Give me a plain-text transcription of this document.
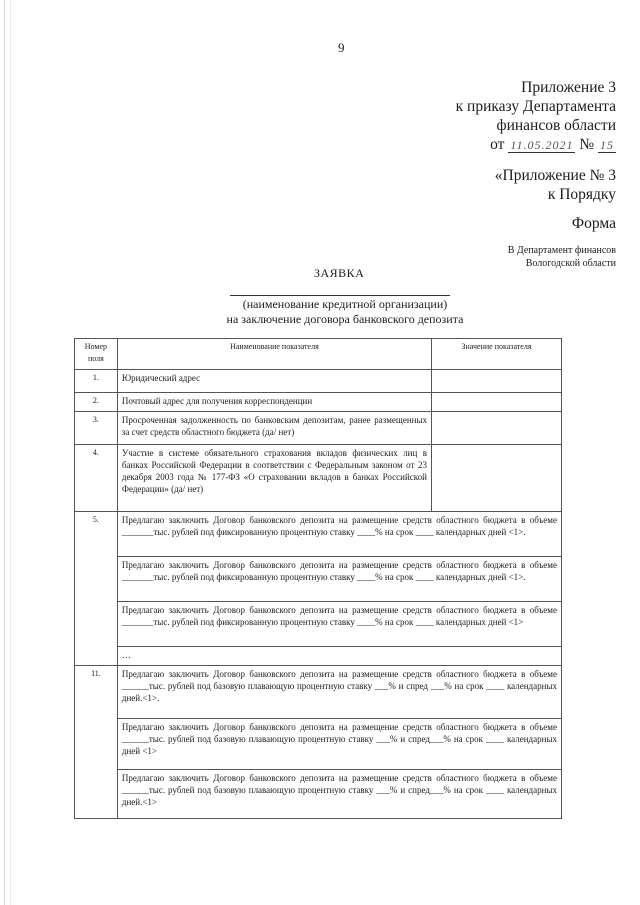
9
Приложение 3
к приказу Департамента
финансов области
от 11.05.2021 № 15
«Приложение № 3
к Порядку
Форма
В Департамент финансов
Вологодской области
ЗАЯВКА
(наименование кредитной организации)
на заключение договора банковского депозита
Номер поля	Наименование показателя	Значение показателя
1.	Юридический адрес	
2.	Почтовый адрес для получения корреспонденции	
3.	Просроченная задолженность по банковским депозитам, ранее размещенных за счет средств областного бюджета (да/ нет)	
4.	Участие в системе обязательного страхования вкладов физических лиц в банках Российской Федерации в соответствии с Федеральным законом от 23 декабря 2003 года № 177-ФЗ «О страховании вкладов в банках Российской Федерации» (да/ нет)	
5.	Предлагаю заключить Договор банковского депозита на размещение средств областного бюджета в объеме _______тыс. рублей под фиксированную процентную ставку ____% на срок ____ календарных дней <1>.	
	Предлагаю заключить Договор банковского депозита на размещение средств областного бюджета в объеме _______тыс. рублей под фиксированную процентную ставку ____% на срок ____ календарных дней <1>.	
	Предлагаю заключить Договор банковского депозита на размещение средств областного бюджета в объеме _______тыс. рублей под фиксированную процентную ставку ____% на срок ____ календарных дней <1>	
	…	
11.	Предлагаю заключить Договор банковского депозита на размещение средств областного бюджета в объеме ______тыс. рублей под базовую плавающую процентную ставку ___% и спред ___% на срок ____ календарных дней.<1>.	
	Предлагаю заключить Договор банковского депозита на размещение средств областного бюджета в объеме ______тыс. рублей под базовую плавающую процентную ставку ___% и спред___% на срок ____ календарных дней <1>	
	Предлагаю заключить Договор банковского депозита на размещение средств областного бюджета в объеме ______тыс. рублей под базовую плавающую процентную ставку ___% и спред___% на срок ____ календарных дней.<1>	
